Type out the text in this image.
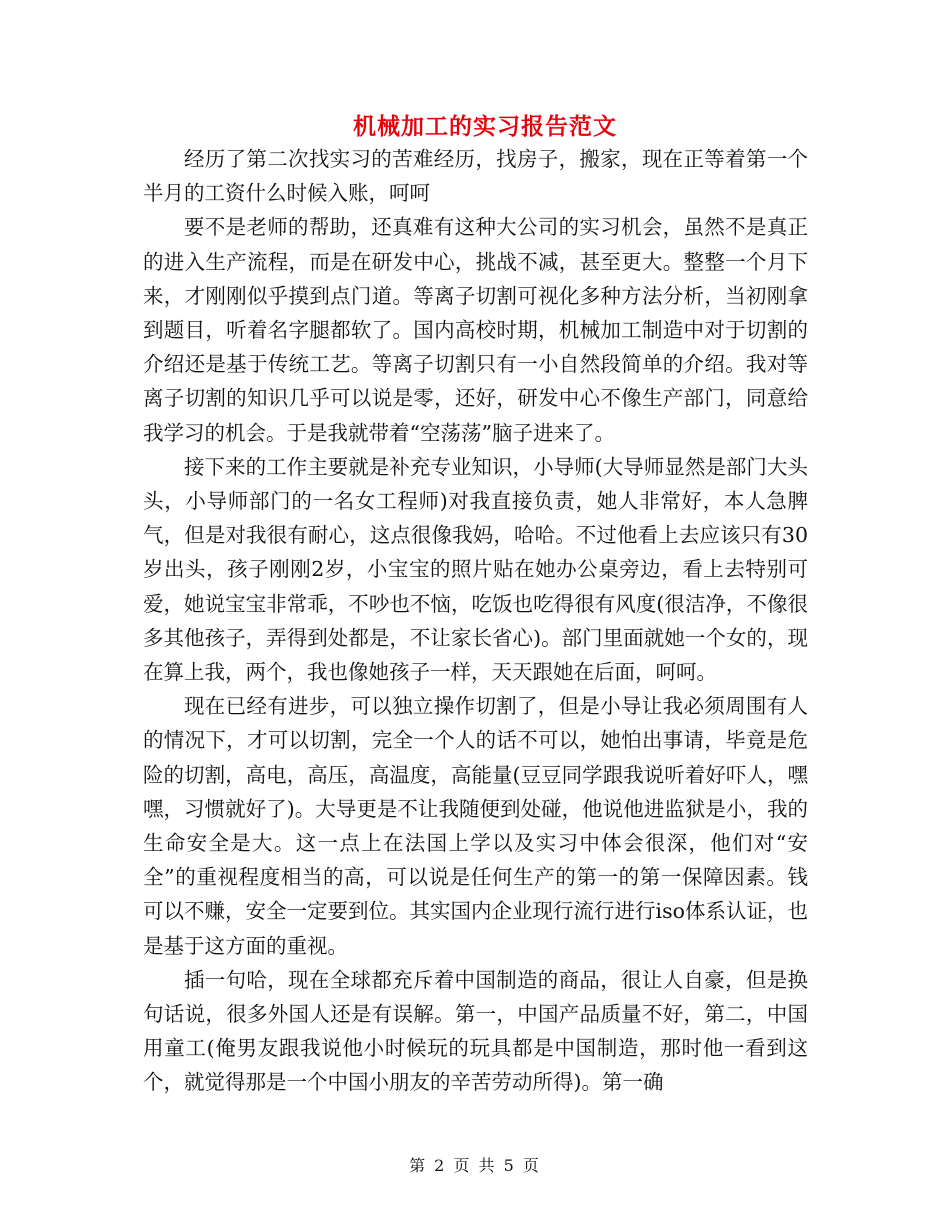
机械加工的实习报告范文

经历了第二次找实习的苦难经历，找房子，搬家，现在正等着第一个半月的工资什么时候入账，呵呵

要不是老师的帮助，还真难有这种大公司的实习机会，虽然不是真正的进入生产流程，而是在研发中心，挑战不减，甚至更大。整整一个月下来，才刚刚似乎摸到点门道。等离子切割可视化多种方法分析，当初刚拿到题目，听着名字腿都软了。国内高校时期，机械加工制造中对于切割的介绍还是基于传统工艺。等离子切割只有一小自然段简单的介绍。我对等离子切割的知识几乎可以说是零，还好，研发中心不像生产部门，同意给我学习的机会。于是我就带着“空荡荡”脑子进来了。

接下来的工作主要就是补充专业知识，小导师(大导师显然是部门大头头，小导师部门的一名女工程师)对我直接负责，她人非常好，本人急脾气，但是对我很有耐心，这点很像我妈，哈哈。不过他看上去应该只有30岁出头，孩子刚刚2岁，小宝宝的照片贴在她办公桌旁边，看上去特别可爱，她说宝宝非常乖，不吵也不恼，吃饭也吃得很有风度(很洁净，不像很多其他孩子，弄得到处都是，不让家长省心)。部门里面就她一个女的，现在算上我，两个，我也像她孩子一样，天天跟她在后面，呵呵。

现在已经有进步，可以独立操作切割了，但是小导让我必须周围有人的情况下，才可以切割，完全一个人的话不可以，她怕出事请，毕竟是危险的切割，高电，高压，高温度，高能量(豆豆同学跟我说听着好吓人，嘿嘿，习惯就好了)。大导更是不让我随便到处碰，他说他进监狱是小，我的生命安全是大。这一点上在法国上学以及实习中体会很深，他们对“安全”的重视程度相当的高，可以说是任何生产的第一的第一保障因素。钱可以不赚，安全一定要到位。其实国内企业现行流行进行iso体系认证，也是基于这方面的重视。

插一句哈，现在全球都充斥着中国制造的商品，很让人自豪，但是换句话说，很多外国人还是有误解。第一，中国产品质量不好，第二，中国用童工(俺男友跟我说他小时候玩的玩具都是中国制造，那时他一看到这个，就觉得那是一个中国小朋友的辛苦劳动所得)。第一确

第 2 页 共 5 页
